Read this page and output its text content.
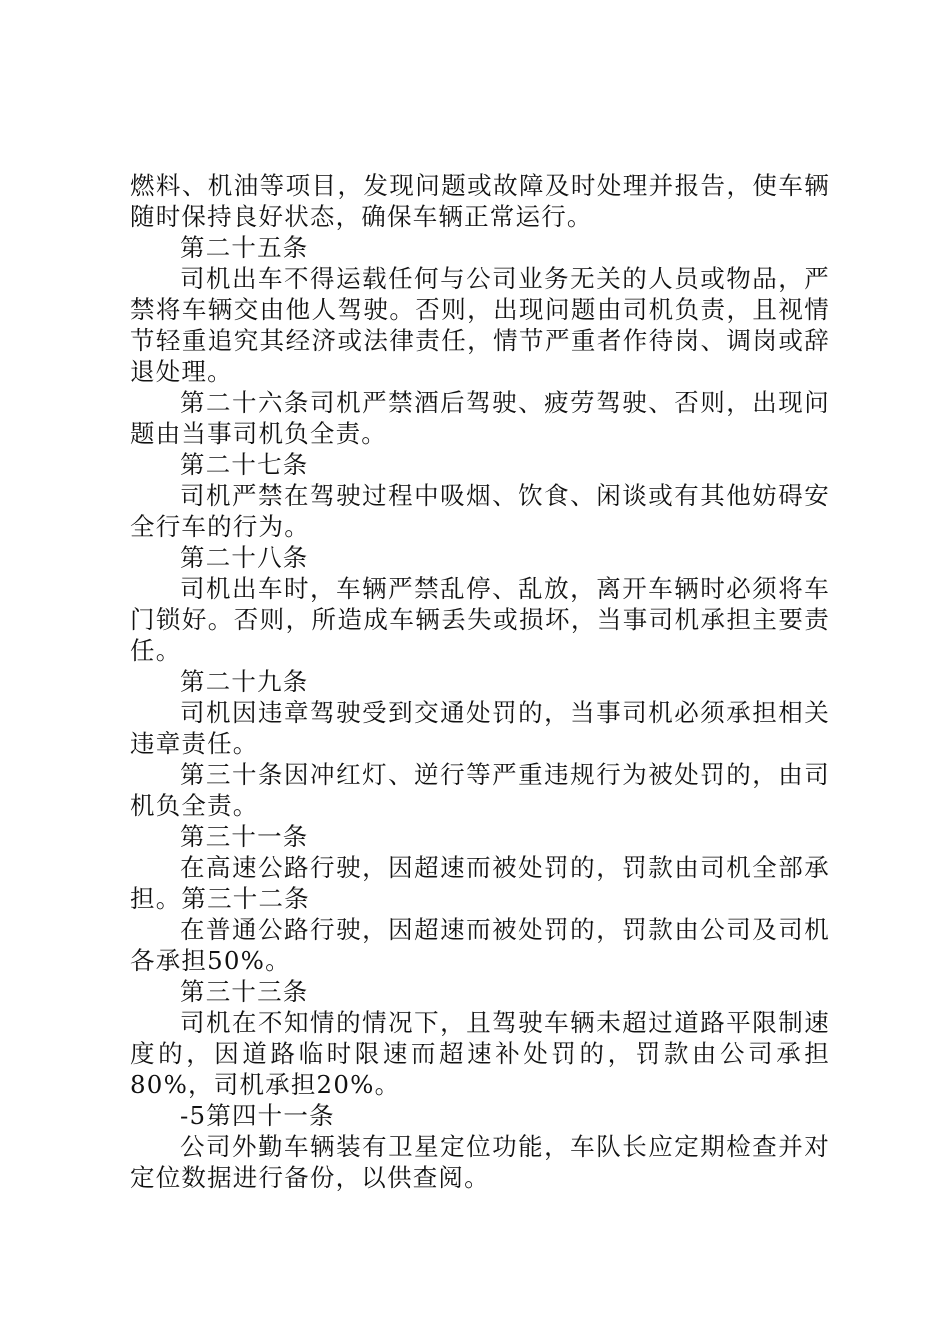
燃料、机油等项目，发现问题或故障及时处理并报告，使车辆随时保持良好状态，确保车辆正常运行。

第二十五条

司机出车不得运载任何与公司业务无关的人员或物品，严禁将车辆交由他人驾驶。否则，出现问题由司机负责，且视情节轻重追究其经济或法律责任，情节严重者作待岗、调岗或辞退处理。

第二十六条司机严禁酒后驾驶、疲劳驾驶、否则，出现问题由当事司机负全责。

第二十七条

司机严禁在驾驶过程中吸烟、饮食、闲谈或有其他妨碍安全行车的行为。

第二十八条

司机出车时，车辆严禁乱停、乱放，离开车辆时必须将车门锁好。否则，所造成车辆丢失或损坏，当事司机承担主要责任。

第二十九条

司机因违章驾驶受到交通处罚的，当事司机必须承担相关违章责任。

第三十条因冲红灯、逆行等严重违规行为被处罚的，由司机负全责。

第三十一条

在高速公路行驶，因超速而被处罚的，罚款由司机全部承担。第三十二条

在普通公路行驶，因超速而被处罚的，罚款由公司及司机各承担50%。

第三十三条

司机在不知情的情况下，且驾驶车辆未超过道路平限制速度的，因道路临时限速而超速补处罚的，罚款由公司承担80%，司机承担20%。

-5第四十一条

公司外勤车辆装有卫星定位功能，车队长应定期检查并对定位数据进行备份，以供查阅。
